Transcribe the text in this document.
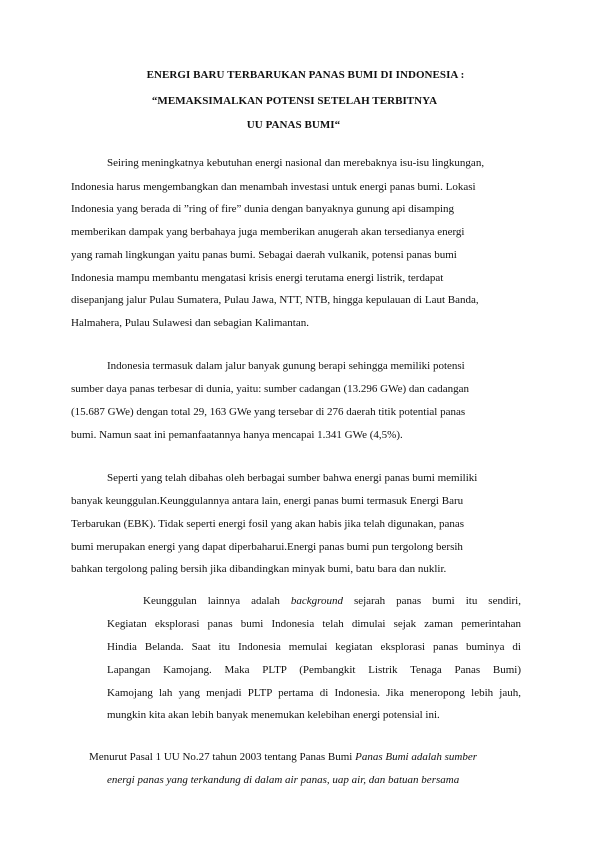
ENERGI BARU TERBARUKAN PANAS BUMI DI INDONESIA :
“MEMAKSIMALKAN POTENSI SETELAH TERBITNYA
UU PANAS BUMI“
Seiring meningkatnya kebutuhan energi nasional dan merebaknya isu-isu lingkungan,
Indonesia harus mengembangkan dan menambah investasi untuk energi panas bumi. Lokasi
Indonesia yang berada di ”ring of fire” dunia dengan banyaknya gunung api disamping
memberikan dampak yang berbahaya juga memberikan anugerah akan tersedianya energi
yang ramah lingkungan yaitu panas bumi. Sebagai daerah vulkanik, potensi panas bumi
Indonesia mampu membantu mengatasi krisis energi terutama energi listrik, terdapat
disepanjang jalur Pulau Sumatera, Pulau Jawa, NTT, NTB, hingga kepulauan di Laut Banda,
Halmahera, Pulau Sulawesi dan sebagian Kalimantan.
Indonesia termasuk dalam jalur banyak gunung berapi sehingga memiliki potensi
sumber daya panas terbesar di dunia, yaitu: sumber cadangan (13.296 GWe) dan cadangan
(15.687 GWe) dengan total 29, 163 GWe yang tersebar di 276 daerah titik potential panas
bumi. Namun saat ini pemanfaatannya hanya mencapai 1.341 GWe (4,5%).
Seperti yang telah dibahas oleh berbagai sumber bahwa energi panas bumi memiliki
banyak keunggulan.Keunggulannya antara lain, energi panas bumi termasuk Energi Baru
Terbarukan (EBK). Tidak seperti energi fosil yang akan habis jika telah digunakan, panas
bumi merupakan energi yang dapat diperbaharui.Energi panas bumi pun tergolong bersih
bahkan tergolong paling bersih jika dibandingkan minyak bumi, batu bara dan nuklir.
Keunggulan lainnya adalah background sejarah panas bumi itu sendiri,
Kegiatan eksplorasi panas bumi Indonesia telah dimulai sejak zaman pemerintahan
Hindia Belanda. Saat itu Indonesia memulai kegiatan eksplorasi panas buminya di
Lapangan Kamojang. Maka PLTP (Pembangkit Listrik Tenaga Panas Bumi)
Kamojang lah yang menjadi PLTP pertama di Indonesia. Jika meneropong lebih jauh,
mungkin kita akan lebih banyak menemukan kelebihan energi potensial ini.
Menurut Pasal 1 UU No.27 tahun 2003 tentang Panas Bumi Panas Bumi adalah sumber
energi panas yang terkandung di dalam air panas, uap air, dan batuan bersama
